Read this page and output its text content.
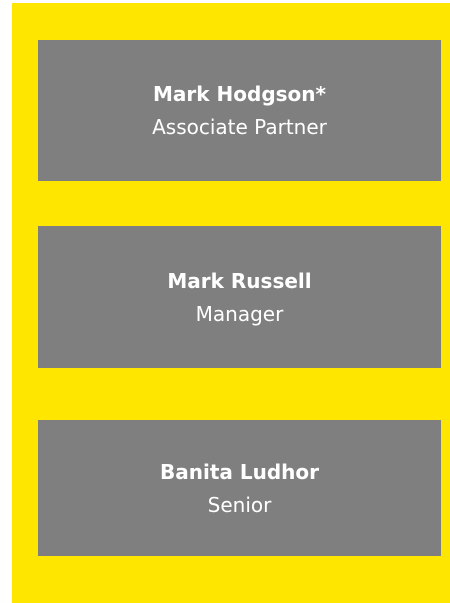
Mark Hodgson*
Associate Partner
Mark Russell
Manager
Banita Ludhor
Senior
